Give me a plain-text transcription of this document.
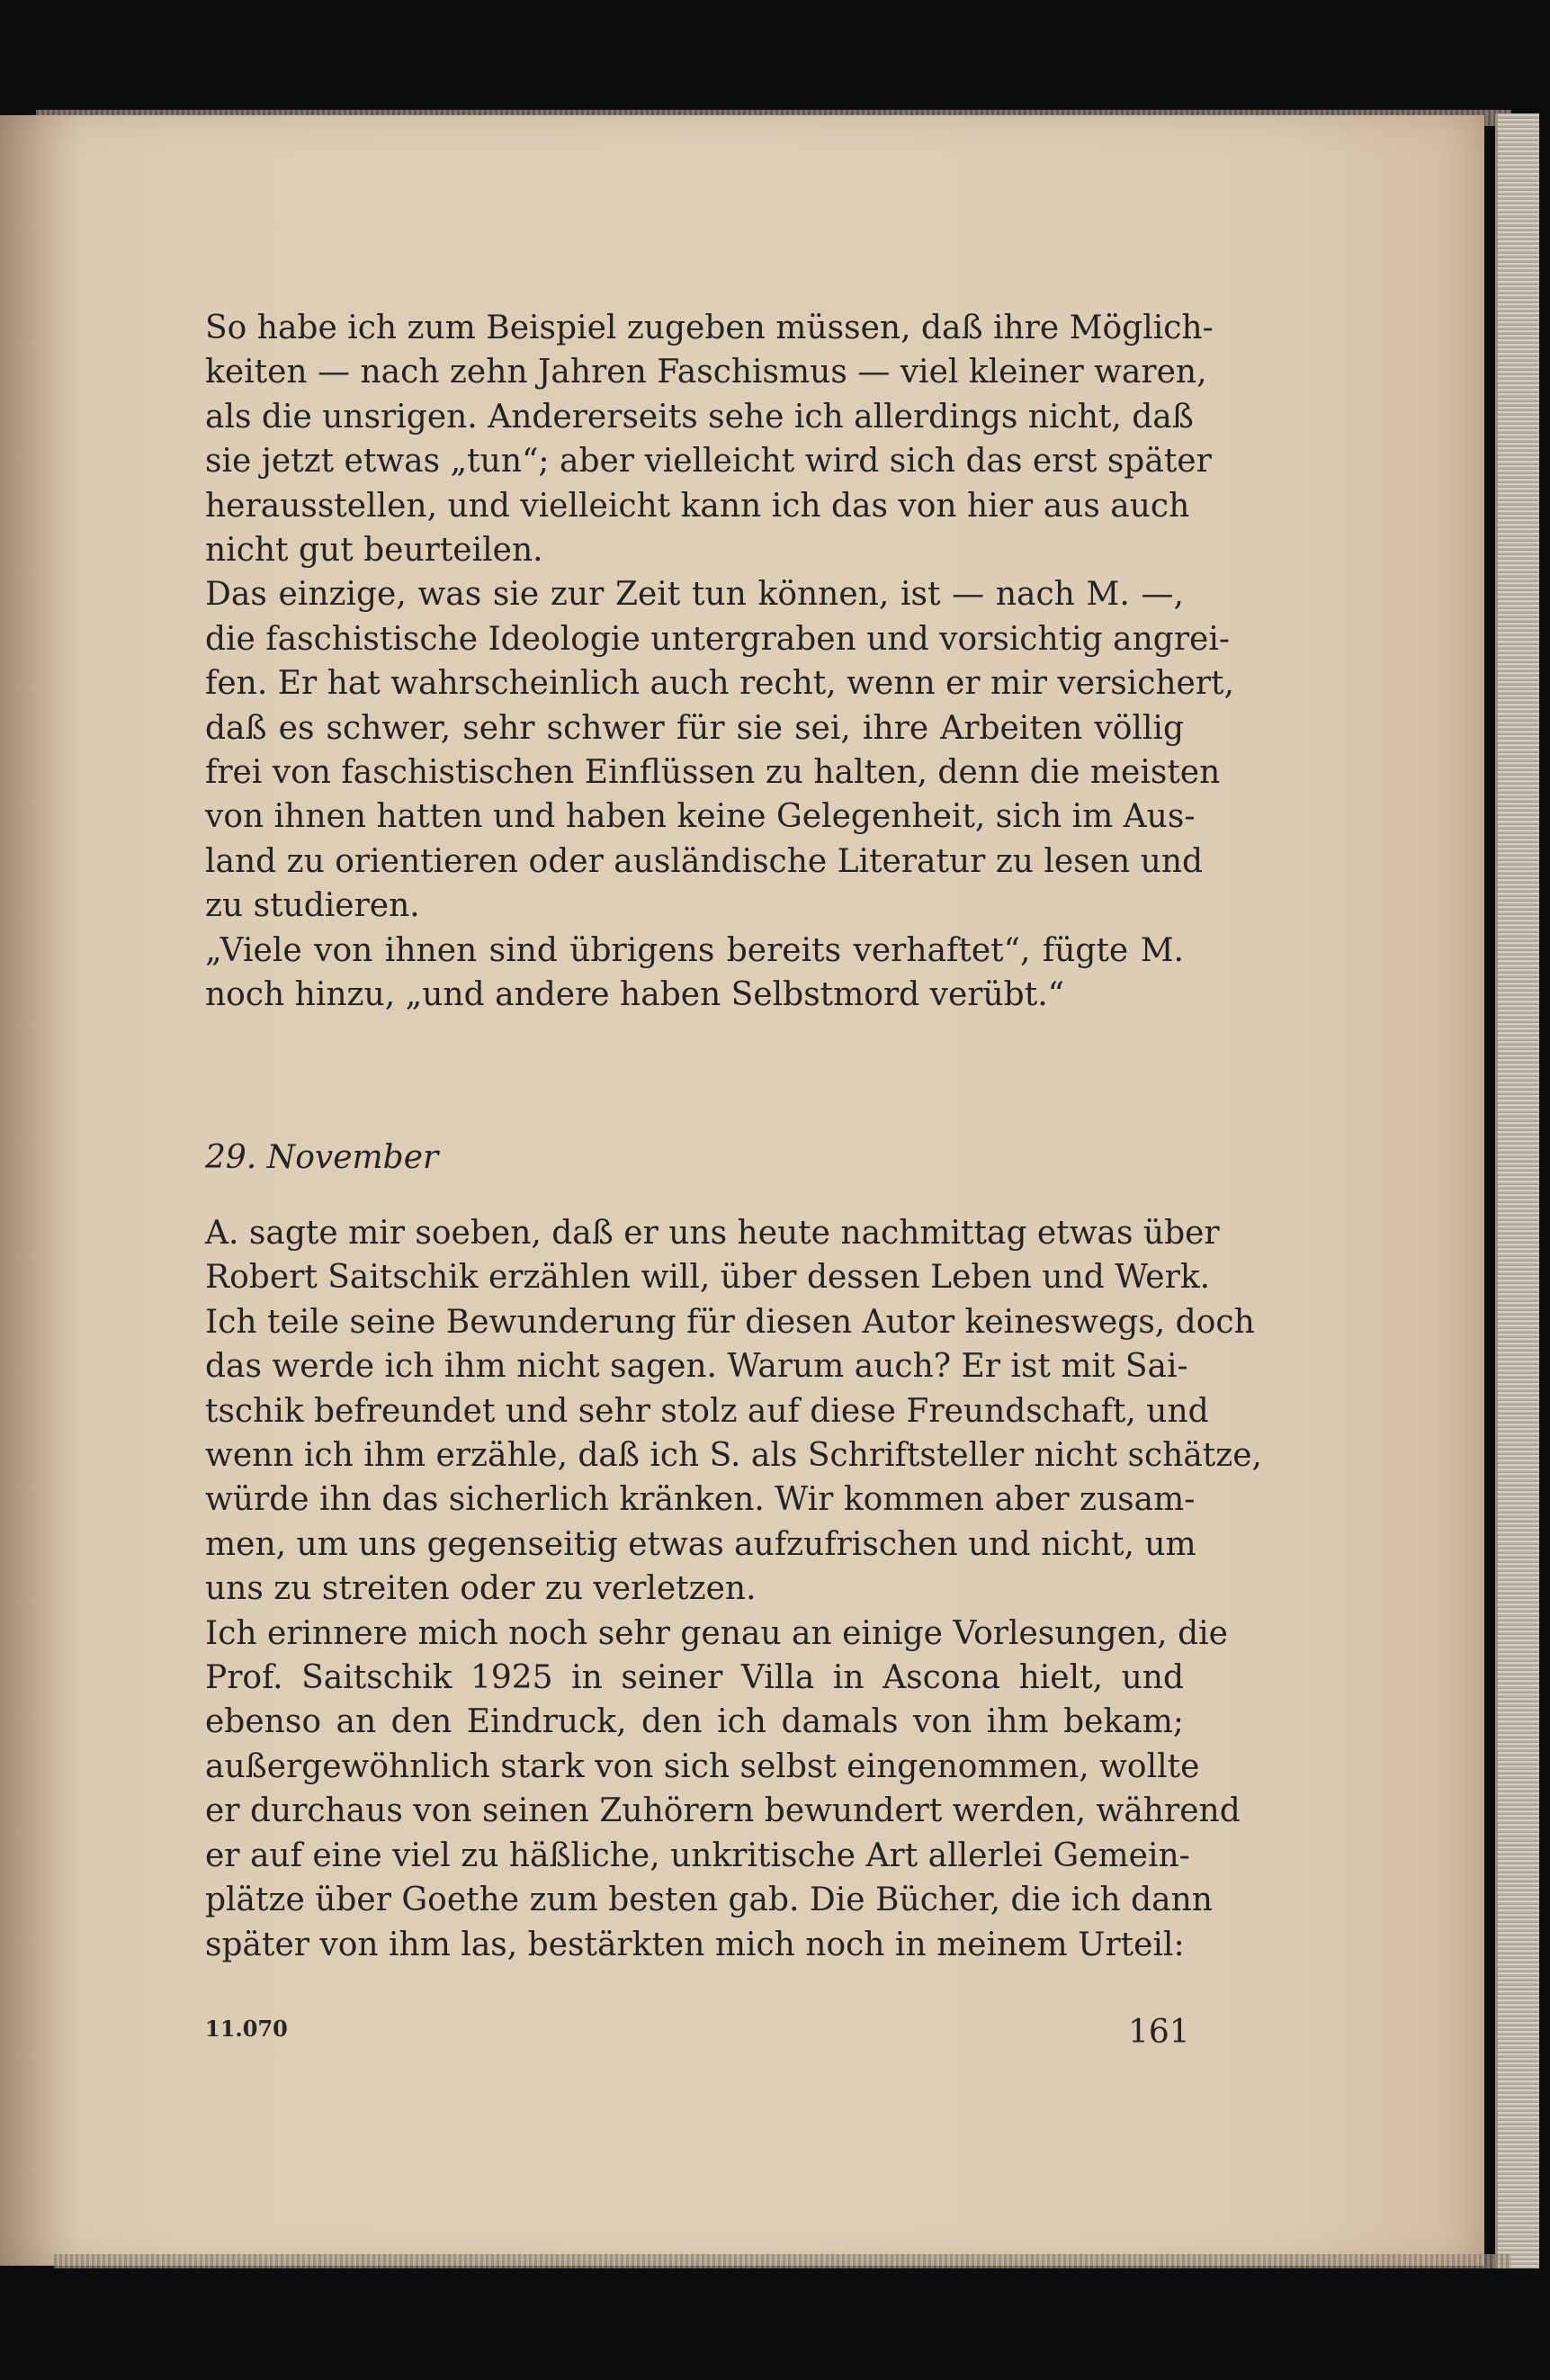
So habe ich zum Beispiel zugeben müssen, daß ihre Möglich-
keiten — nach zehn Jahren Faschismus — viel kleiner waren,
als die unsrigen. Andererseits sehe ich allerdings nicht, daß
sie jetzt etwas „tun“; aber vielleicht wird sich das erst später
herausstellen, und vielleicht kann ich das von hier aus auch
nicht gut beurteilen.

Das einzige, was sie zur Zeit tun können, ist — nach M. —,
die faschistische Ideologie untergraben und vorsichtig angrei-
fen. Er hat wahrscheinlich auch recht, wenn er mir versichert,
daß es schwer, sehr schwer für sie sei, ihre Arbeiten völlig
frei von faschistischen Einflüssen zu halten, denn die meisten
von ihnen hatten und haben keine Gelegenheit, sich im Aus-
land zu orientieren oder ausländische Literatur zu lesen und
zu studieren.

„Viele von ihnen sind übrigens bereits verhaftet“, fügte M.
noch hinzu, „und andere haben Selbstmord verübt.“

29. November

A. sagte mir soeben, daß er uns heute nachmittag etwas über
Robert Saitschik erzählen will, über dessen Leben und Werk.
Ich teile seine Bewunderung für diesen Autor keineswegs, doch
das werde ich ihm nicht sagen. Warum auch? Er ist mit Sai-
tschik befreundet und sehr stolz auf diese Freundschaft, und
wenn ich ihm erzähle, daß ich S. als Schriftsteller nicht schätze,
würde ihn das sicherlich kränken. Wir kommen aber zusam-
men, um uns gegenseitig etwas aufzufrischen und nicht, um
uns zu streiten oder zu verletzen.

Ich erinnere mich noch sehr genau an einige Vorlesungen, die
Prof. Saitschik 1925 in seiner Villa in Ascona hielt, und
ebenso an den Eindruck, den ich damals von ihm bekam;
außergewöhnlich stark von sich selbst eingenommen, wollte
er durchaus von seinen Zuhörern bewundert werden, während
er auf eine viel zu häßliche, unkritische Art allerlei Gemein-
plätze über Goethe zum besten gab. Die Bücher, die ich dann
später von ihm las, bestärkten mich noch in meinem Urteil:

11.070	161
